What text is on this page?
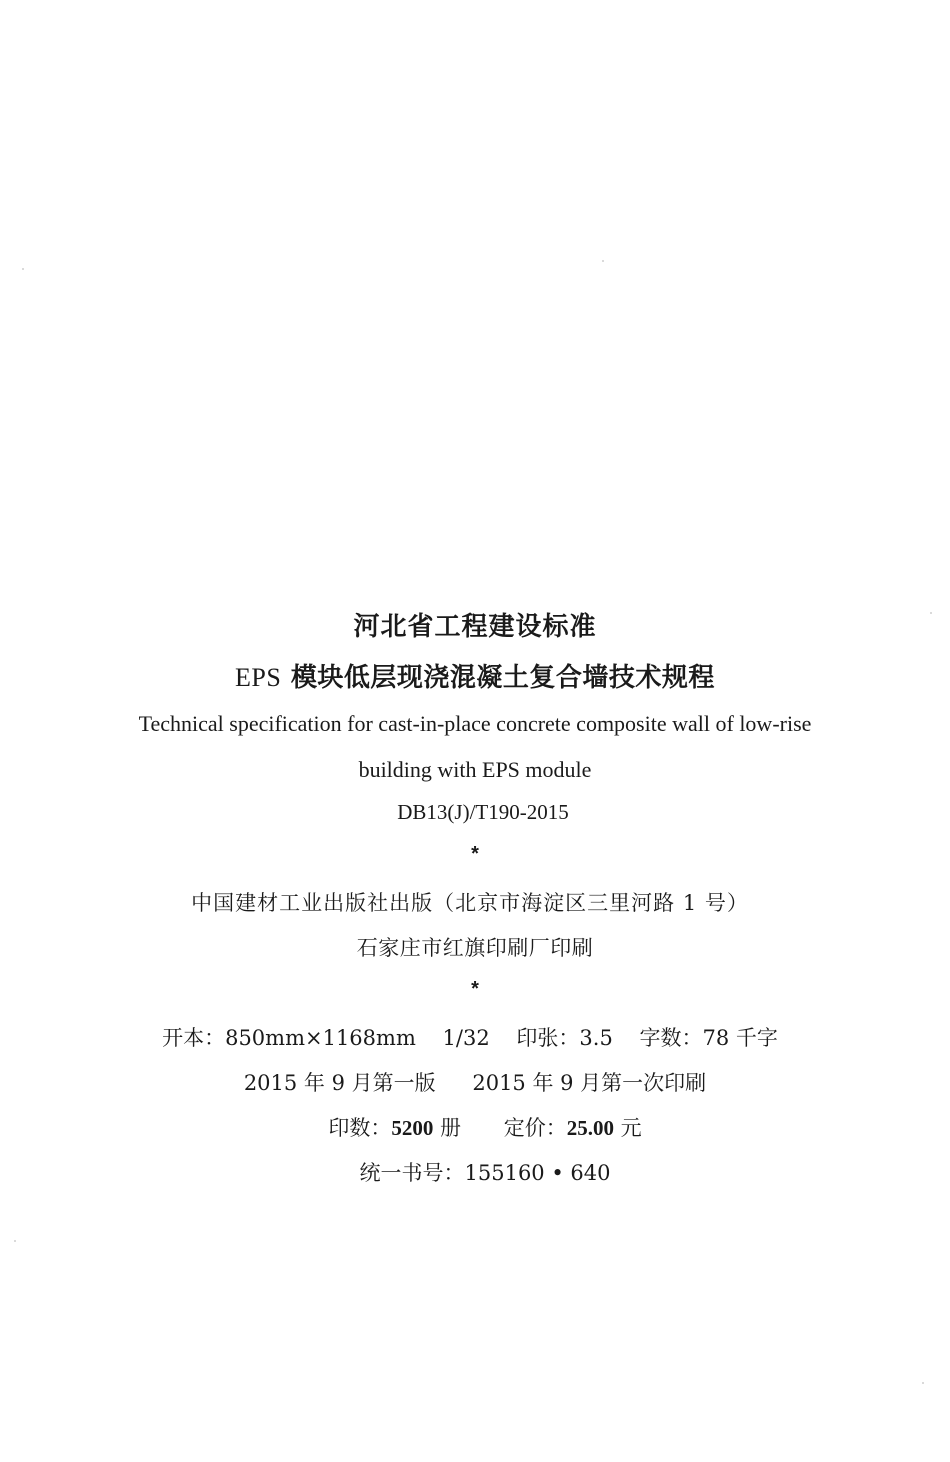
河北省工程建设标准
EPS 模块低层现浇混凝土复合墙技术规程
Technical specification for cast-in-place concrete composite wall of low-rise
building with EPS module
DB13(J)/T190-2015
*
中国建材工业出版社出版（北京市海淀区三里河路 1 号）
石家庄市红旗印刷厂印刷
*
开本：850mm×1168mm 1/32 印张：3.5 字数：78 千字
2015 年 9 月第一版 2015 年 9 月第一次印刷
印数：5200 册 定价：25.00 元
统一书号：155160 • 640
